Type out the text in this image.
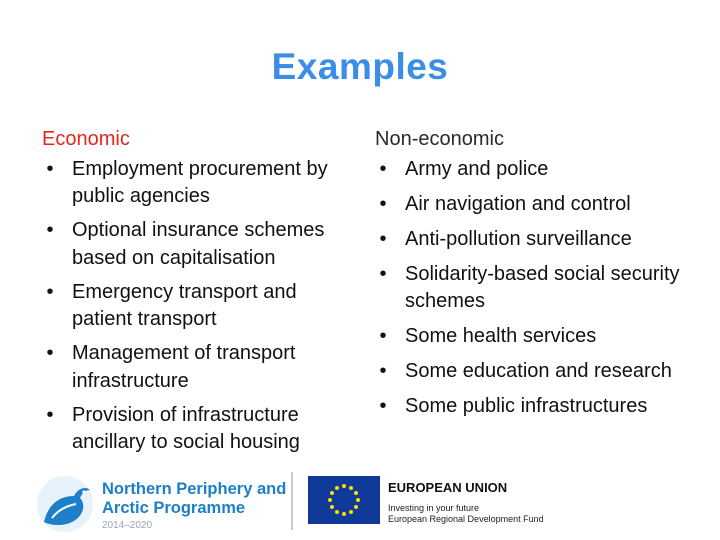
Examples
Economic
• Employment procurement by public agencies
• Optional insurance schemes based on capitalisation
• Emergency transport and patient transport
• Management of transport infrastructure
• Provision of infrastructure ancillary to social housing
Non-economic
• Army and police
• Air navigation and control
• Anti-pollution surveillance
• Solidarity-based social security schemes
• Some health services
• Some education and research
• Some public infrastructures
Northern Periphery and
Arctic Programme
2014–2020
EUROPEAN UNION
Investing in your future
European Regional Development Fund
